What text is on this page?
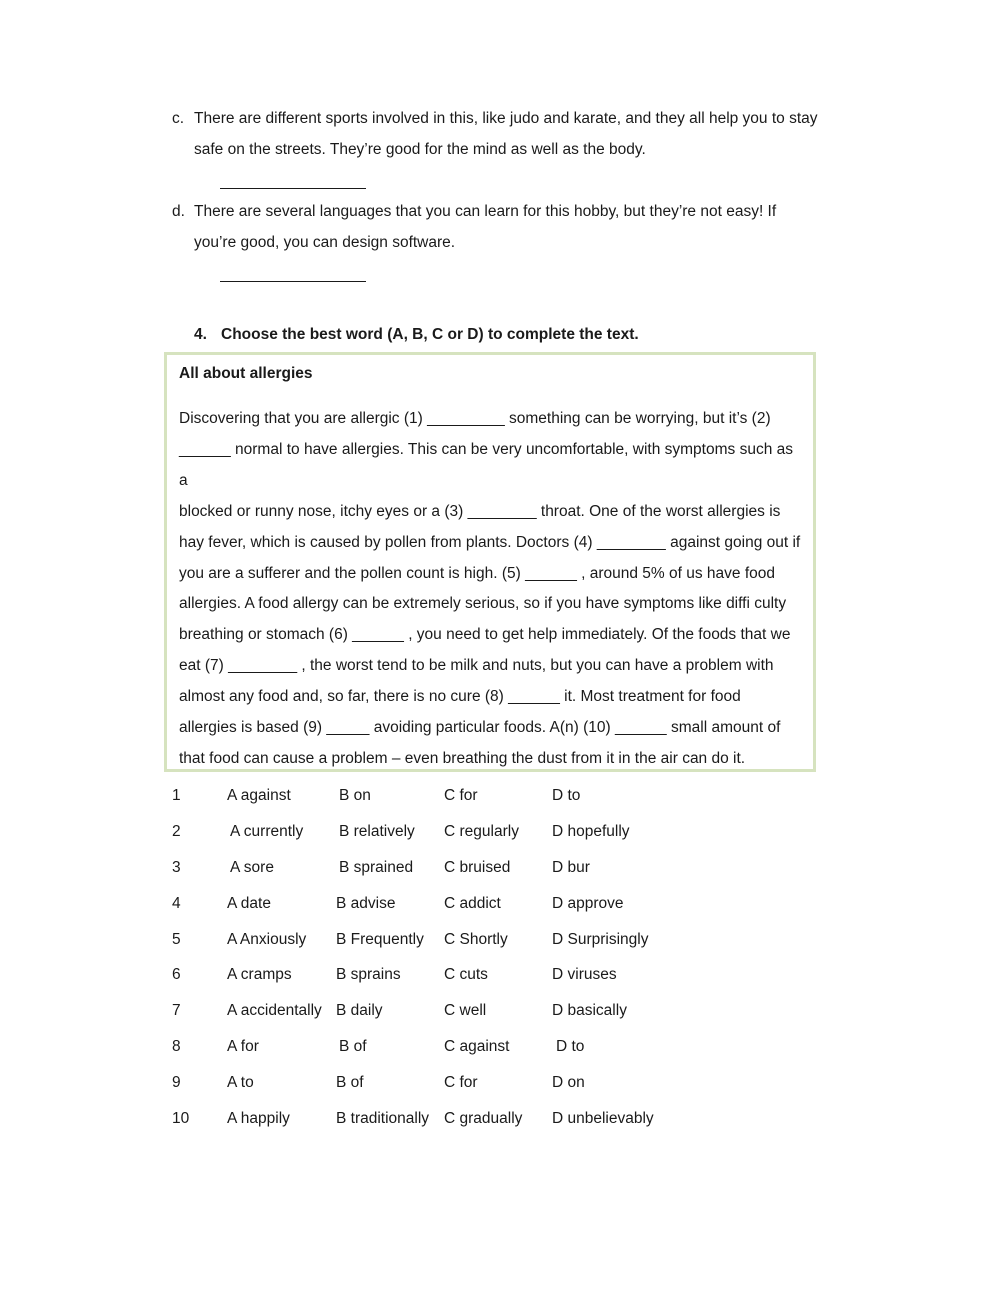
c. There are different sports involved in this, like judo and karate, and they all help you to stay
safe on the streets. They’re good for the mind as well as the body.
d. There are several languages that you can learn for this hobby, but they’re not easy! If
you’re good, you can design software.
4. Choose the best word (A, B, C or D) to complete the text.
All about allergies
Discovering that you are allergic (1) _________ something can be worrying, but it’s (2)
______ normal to have allergies. This can be very uncomfortable, with symptoms such as a
blocked or runny nose, itchy eyes or a (3) ________ throat. One of the worst allergies is
hay fever, which is caused by pollen from plants. Doctors (4) ________ against going out if
you are a sufferer and the pollen count is high. (5) ______ , around 5% of us have food
allergies. A food allergy can be extremely serious, so if you have symptoms like diffi culty
breathing or stomach (6) ______ , you need to get help immediately. Of the foods that we
eat (7) ________ , the worst tend to be milk and nuts, but you can have a problem with
almost any food and, so far, there is no cure (8) ______ it. Most treatment for food
allergies is based (9) _____ avoiding particular foods. A(n) (10) ______ small amount of
that food can cause a problem – even breathing the dust from it in the air can do it.
1	A against	B on	C for	D to
2	A currently B relatively C regularly D hopefully
3	A sore	B sprained C bruised	D bur
4	A date	B advise	C addict	D approve
5	A Anxiously B Frequently C Shortly	D Surprisingly
6	A cramps	B sprains	C cuts	D viruses
7	A accidentally B daily	C well	D basically
8	A for	B of	C against	D to
9	A to	B of	C for	D on
10 A happily	B traditionally C gradually D unbelievably
